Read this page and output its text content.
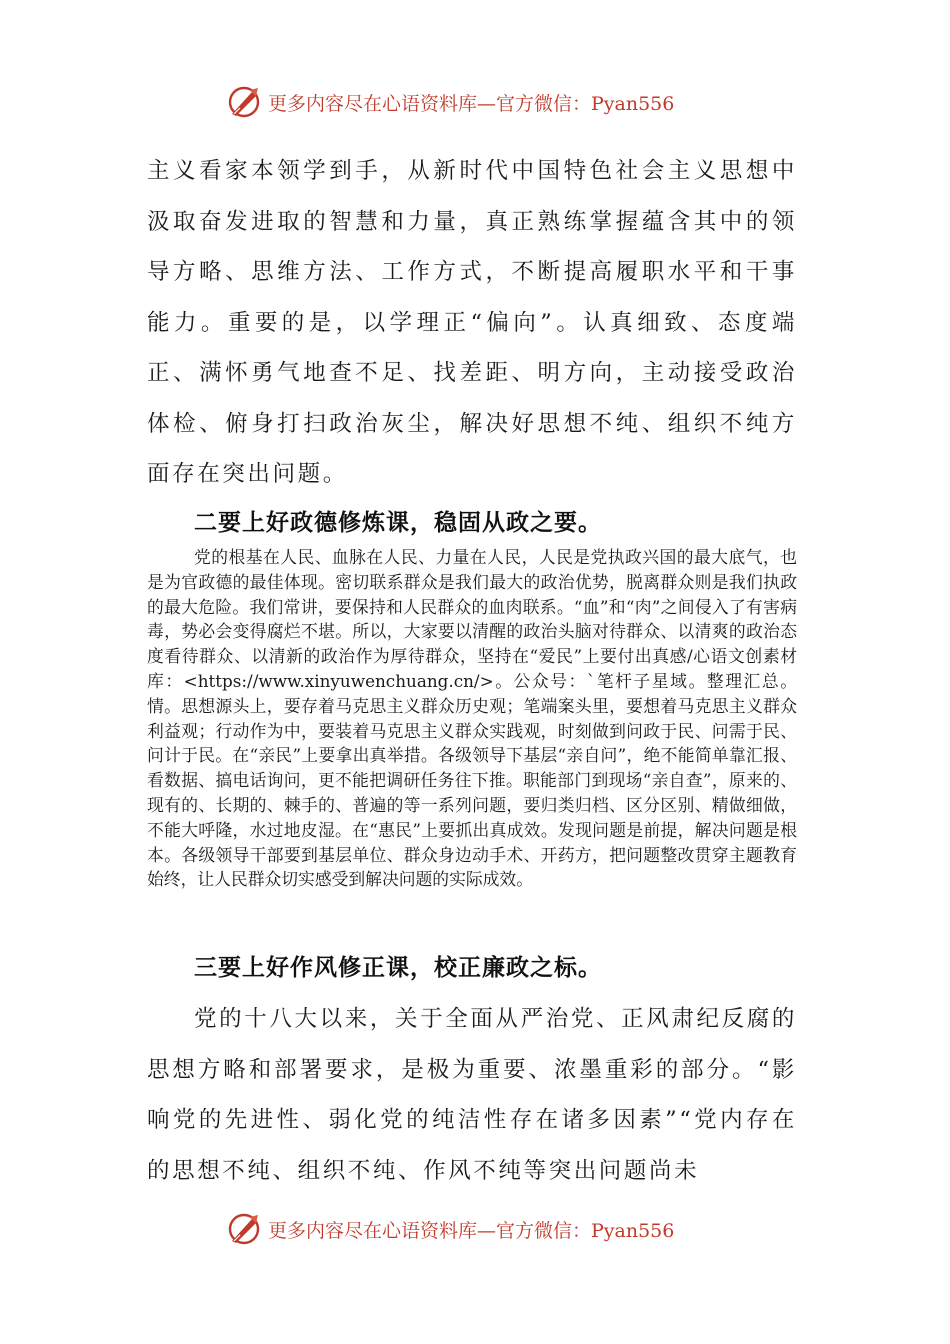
更多内容尽在心语资料库—官方微信：Pyan556

主义看家本领学到手，从新时代中国特色社会主义思想中汲取奋发进取的智慧和力量，真正熟练掌握蕴含其中的领导方略、思维方法、工作方式，不断提高履职水平和干事能力。重要的是，以学理正“偏向”。认真细致、态度端正、满怀勇气地查不足、找差距、明方向，主动接受政治体检、俯身打扫政治灰尘，解决好思想不纯、组织不纯方面存在突出问题。

二要上好政德修炼课，稳固从政之要。

党的根基在人民、血脉在人民、力量在人民，人民是党执政兴国的最大底气，也是为官政德的最佳体现。密切联系群众是我们最大的政治优势，脱离群众则是我们执政的最大危险。我们常讲，要保持和人民群众的血肉联系。“血”和“肉”之间侵入了有害病毒，势必会变得腐烂不堪。所以，大家要以清醒的政治头脑对待群众、以清爽的政治态度看待群众、以清新的政治作为厚待群众，坚持在“爱民”上要付出真感/心语文创素材库：<https://www.xinyuwenchuang.cn/>。公众号：`笔杆子星域。整理汇总。情。思想源头上，要存着马克思主义群众历史观；笔端案头里，要想着马克思主义群众利益观；行动作为中，要装着马克思主义群众实践观，时刻做到问政于民、问需于民、问计于民。在“亲民”上要拿出真举措。各级领导下基层“亲自问”，绝不能简单靠汇报、看数据、搞电话询问，更不能把调研任务往下推。职能部门到现场“亲自查”，原来的、现有的、长期的、棘手的、普遍的等一系列问题，要归类归档、区分区别、精做细做，不能大呼隆，水过地皮湿。在“惠民”上要抓出真成效。发现问题是前提，解决问题是根本。各级领导干部要到基层单位、群众身边动手术、开药方，把问题整改贯穿主题教育始终，让人民群众切实感受到解决问题的实际成效。

三要上好作风修正课，校正廉政之标。

党的十八大以来，关于全面从严治党、正风肃纪反腐的思想方略和部署要求，是极为重要、浓墨重彩的部分。“影响党的先进性、弱化党的纯洁性存在诸多因素”“党内存在的思想不纯、组织不纯、作风不纯等突出问题尚未

更多内容尽在心语资料库—官方微信：Pyan556
